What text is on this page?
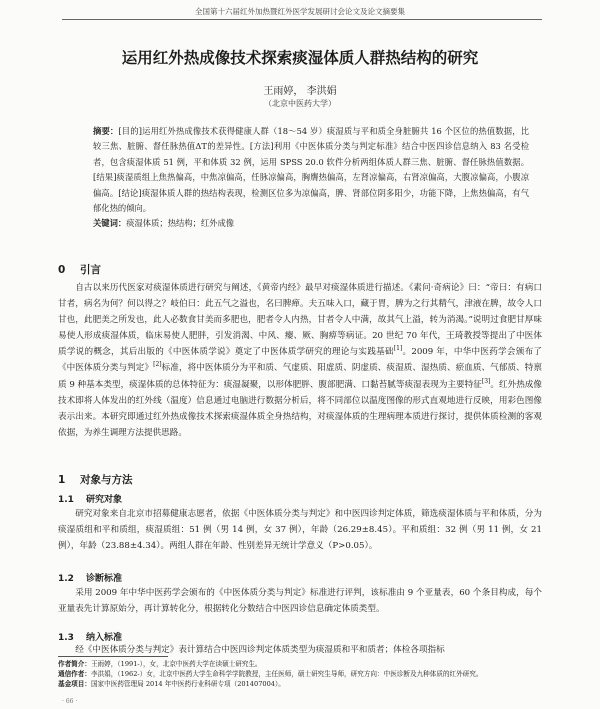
全国第十六届红外加热暨红外医学发展研讨会论文及论文摘要集
运用红外热成像技术探索痰湿体质人群热结构的研究
王雨婷， 李洪娟
（北京中医药大学）
摘要：[目的]运用红外热成像技术获得健康人群（18～54 岁）痰湿质与平和质全身脏腑共 16 个区位的热值数据，比较三焦、脏腑、督任脉热值ΔT的差异性。[方法]利用《中医体质分类与判定标准》结合中医四诊信息纳入 83 名受检者，包含痰湿体质 51 例，平和体质 32 例，运用 SPSS 20.0 软件分析两组体质人群三焦、脏腑、督任脉热值数据。[结果]痰湿质组上焦热偏高，中焦凉偏高，任脉凉偏高，胸膺热偏高，左肾凉偏高，右肾凉偏高，大腹凉偏高，小腹凉偏高。[结论]痰湿体质人群的热结构表现，检测区位多为凉偏高，脾、肾部位阴多阳少，功能下降，上焦热偏高，有气郁化热的倾向。
关键词：痰湿体质；热结构；红外成像
0 引言
自古以来历代医家对痰湿体质进行研究与阐述，《黄帝内经》最早对痰湿体质进行描述。《素问·奇病论》曰：“帝曰：有病口甘者，病名为何？何以得之？岐伯曰：此五气之溢也，名曰脾瘅。夫五味入口，藏于胃，脾为之行其精气，津液在脾，故令人口甘也，此肥美之所发也，此人必数食甘美而多肥也，肥者令人内热，甘者令人中满，故其气上溢，转为消渴。”说明过食肥甘厚味易使人形成痰湿体质，临床易使人肥胖，引发消渴、中风、瘿、厥、胸痹等病证。20 世纪 70 年代，王琦教授等提出了中医体质学说的概念，其后出版的《中医体质学说》奠定了中医体质学研究的理论与实践基础[1]。2009 年，中华中医药学会颁布了《中医体质分类与判定》[2]标准，将中医体质分为平和质、气虚质、阳虚质、阴虚质、痰湿质、湿热质、瘀血质、气郁质、特禀质 9 种基本类型，痰湿体质的总体特征为：痰湿凝聚，以形体肥胖、腹部肥满、口黏苔腻等痰湿表现为主要特征[3]。红外热成像技术即将人体发出的红外线（温度）信息通过电脑进行数据分析后，将不同部位以温度图像的形式直观地进行反映，用彩色图像表示出来。本研究即通过红外热成像技术探索痰湿体质全身热结构，对痰湿体质的生理病理本质进行探讨，提供体质检测的客观依据，为养生调理方法提供思路。
1 对象与方法
1.1 研究对象
研究对象来自北京市招募健康志愿者，依据《中医体质分类与判定》和中医四诊判定体质，筛选痰湿体质与平和体质，分为痰湿质组和平和质组，痰湿质组：51 例（男 14 例，女 37 例），年龄（26.29±8.45）。平和质组：32 例（男 11 例，女 21 例），年龄（23.88±4.34）。两组人群在年龄、性别差异无统计学意义（P>0.05）。
1.2 诊断标准
采用 2009 年中华中医药学会颁布的《中医体质分类与判定》标准进行评判，该标准由 9 个亚量表，60 个条目构成，每个亚量表先计算原始分，再计算转化分，根据转化分数结合中医四诊信息确定体质类型。
1.3 纳入标准
经《中医体质分类与判定》表计算结合中医四诊判定体质类型为痰湿质和平和质者；体检各项指标
作者简介：王雨婷，（1991-），女，北京中医药大学在读硕士研究生。
通信作者：李洪娟，（1962-）女，北京中医药大学生命科学学院教授，主任医师，硕士研究生导师，研究方向：中医诊断及九种体质的红外研究。
基金项目：国家中医药管理局 2014 年中医药行业科研专项（201407004）。
· 66 ·
